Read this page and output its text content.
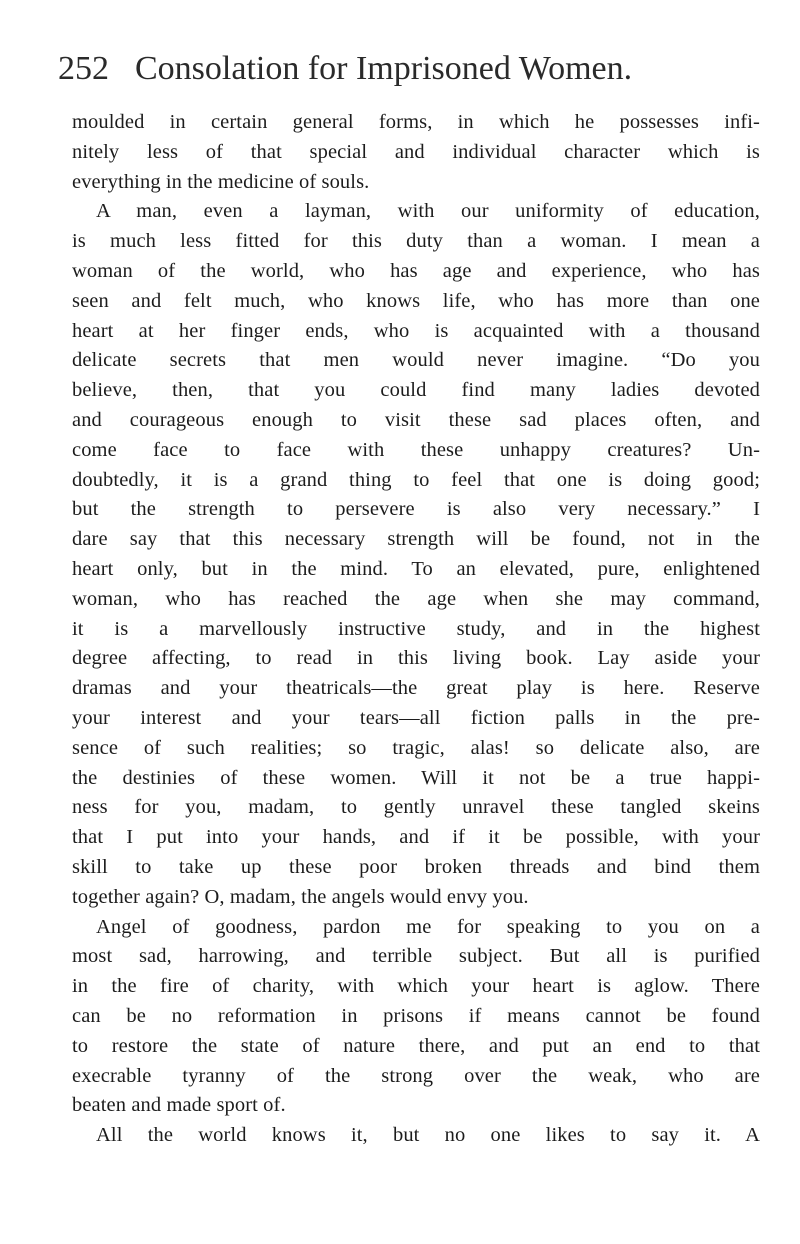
252 Consolation for Imprisoned Women.
moulded in certain general forms, in which he possesses infi-
nitely less of that special and individual character which is
everything in the medicine of souls.
A man, even a layman, with our uniformity of education,
is much less fitted for this duty than a woman. I mean a
woman of the world, who has age and experience, who has
seen and felt much, who knows life, who has more than one
heart at her finger ends, who is acquainted with a thousand
delicate secrets that men would never imagine. “Do you
believe, then, that you could find many ladies devoted
and courageous enough to visit these sad places often, and
come face to face with these unhappy creatures? Un-
doubtedly, it is a grand thing to feel that one is doing good;
but the strength to persevere is also very necessary.” I
dare say that this necessary strength will be found, not in the
heart only, but in the mind. To an elevated, pure, enlightened
woman, who has reached the age when she may command,
it is a marvellously instructive study, and in the highest
degree affecting, to read in this living book. Lay aside your
dramas and your theatricals—the great play is here. Reserve
your interest and your tears—all fiction palls in the pre-
sence of such realities; so tragic, alas! so delicate also, are
the destinies of these women. Will it not be a true happi-
ness for you, madam, to gently unravel these tangled skeins
that I put into your hands, and if it be possible, with your
skill to take up these poor broken threads and bind them
together again? O, madam, the angels would envy you.
Angel of goodness, pardon me for speaking to you on a
most sad, harrowing, and terrible subject. But all is purified
in the fire of charity, with which your heart is aglow. There
can be no reformation in prisons if means cannot be found
to restore the state of nature there, and put an end to that
execrable tyranny of the strong over the weak, who are
beaten and made sport of.
All the world knows it, but no one likes to say it. A
